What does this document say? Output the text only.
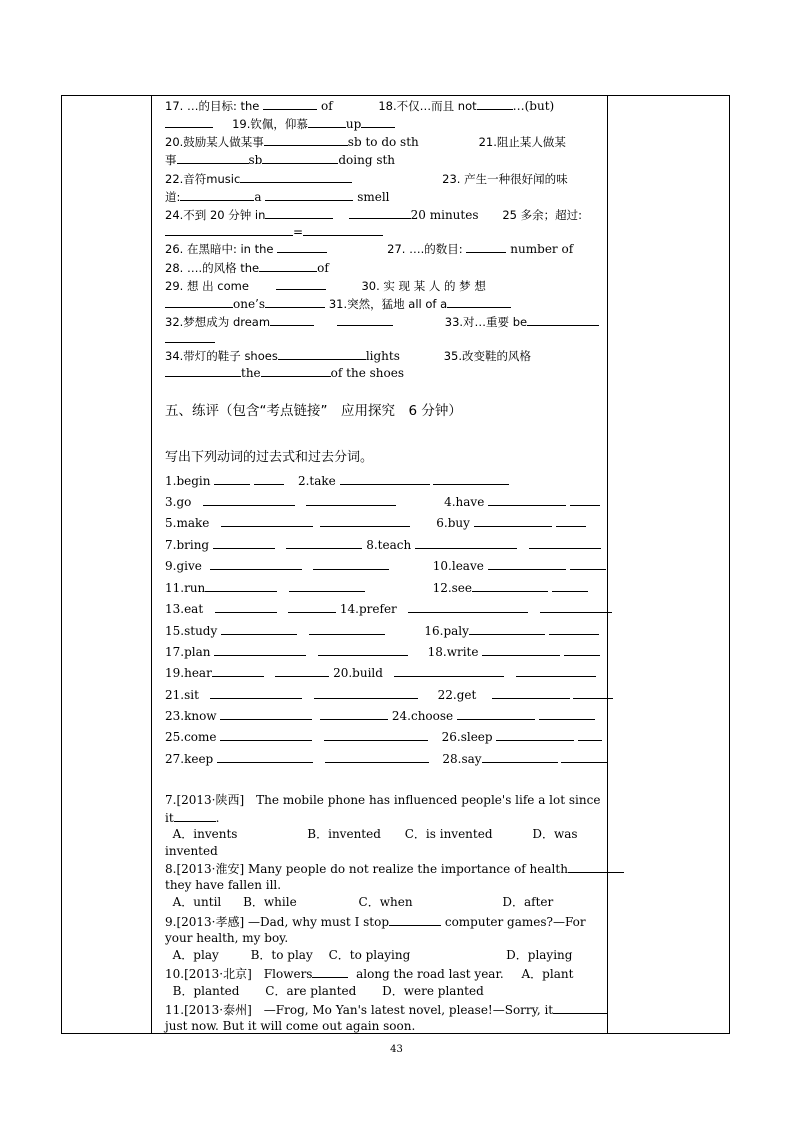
17. …的目标: the	of	18.不仅…而且 not	…(but)
19.钦佩，仰慕	up
20.鼓励某人做某事	sb to do sth	21.阻止某人做某
事	sb	doing sth
22.音符music	23. 产生一种很好闻的味
道:	a	smell
24.不到 20 分钟 in	20 minutes 25 多余；超过:
=
26. 在黑暗中: in the	27. ….的数目:	number of
28. ….的风格 the	of
29. 想 出 come	30. 实 现 某 人 的 梦 想
one’s	31.突然，猛地 all of a
32.梦想成为 dream	33.对…重要 be
34.带灯的鞋子 shoes	lights	35.改变鞋的风格
the	of the shoes
五、练评（包含“考点链接”　应用探究　6 分钟）
写出下列动词的过去式和过去分词。
1.begin	2.take
3.go	4.have
5.make	6.buy
7.bring	8.teach
9.give	10.leave
11.run	12.see
13.eat	14.prefer
15.study	16.paly
17.plan	18.write
19.hear	20.build
21.sit	22.get
23.know	24.choose
25.come	26.sleep
27.keep	28.say
7.[2013·陕西]　The mobile phone has influenced people's life a lot since
it	.
A．invents	B．invented C．is invented	D．was
invented
8.[2013·淮安] Many people do not realize the importance of health
they have fallen ill.
A．until B．while	C．when	D．after
9.[2013·孝感] —Dad, why must I stop	computer games?—For
your health, my boy.
A．play	B．to play C．to playing	D．playing
10.[2013·北京]　Flowers	along the road last year. A．plant
B．planted C．are planted D．were planted
11.[2013·泰州]　—Frog, Mo Yan's latest novel, please!—Sorry, it
just now. But it will come out again soon.
43
